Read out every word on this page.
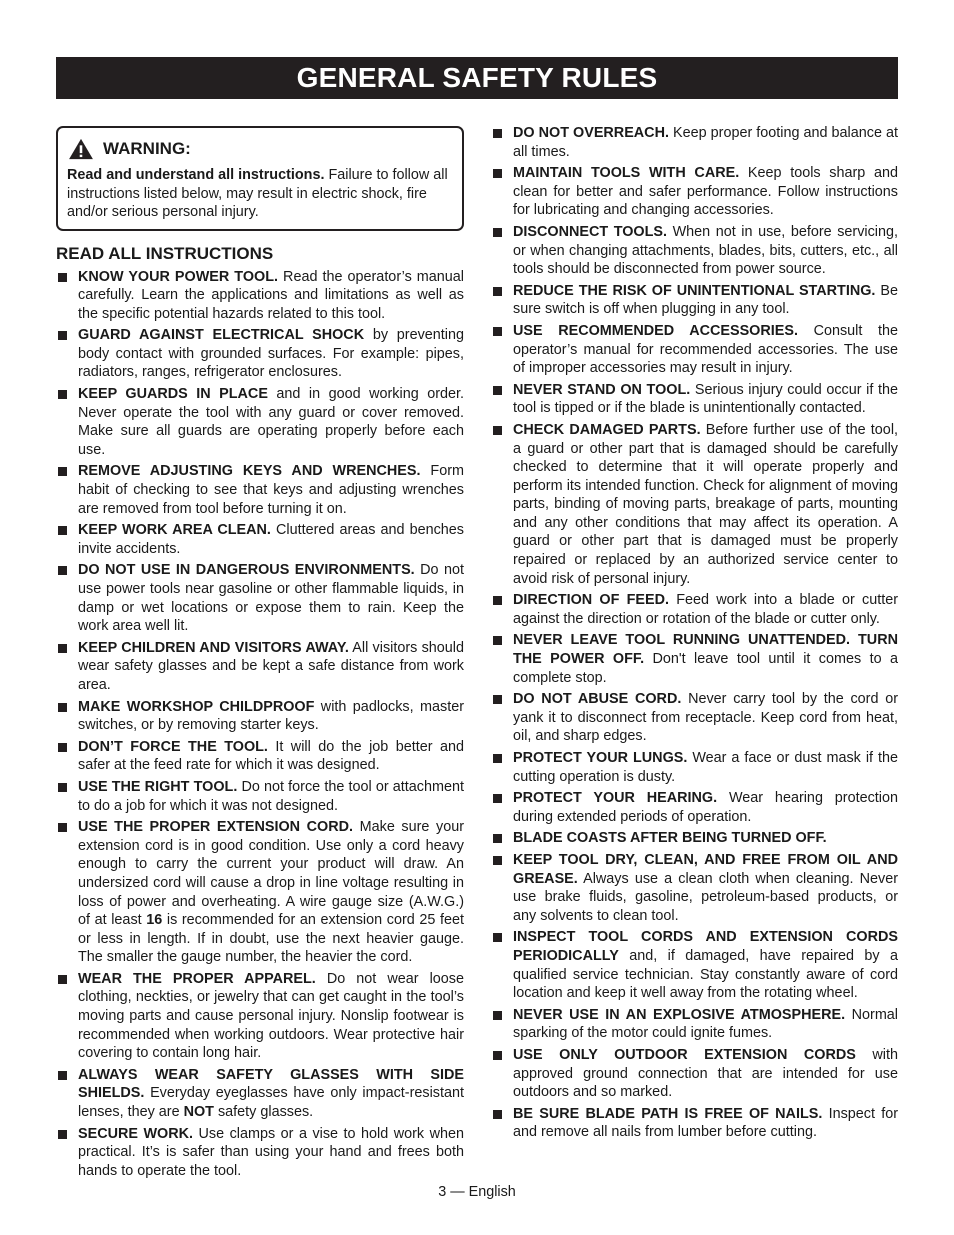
GENERAL SAFETY RULES
WARNING:
Read and understand all instructions. Failure to follow all instructions listed below, may result in electric shock, fire and/or serious personal injury.
READ ALL INSTRUCTIONS
KNOW YOUR POWER TOOL. Read the operator’s manual carefully. Learn the applications and limitations as well as the specific potential hazards related to this tool.
GUARD AGAINST ELECTRICAL SHOCK by preventing body contact with grounded surfaces. For example: pipes, radiators, ranges, refrigerator enclosures.
KEEP GUARDS IN PLACE and in good working order. Never operate the tool with any guard or cover removed. Make sure all guards are operating properly before each use.
REMOVE ADJUSTING KEYS AND WRENCHES. Form habit of checking to see that keys and adjusting wrenches are removed from tool before turning it on.
KEEP WORK AREA CLEAN. Cluttered areas and benches invite accidents.
DO NOT USE IN DANGEROUS ENVIRONMENTS. Do not use power tools near gasoline or other flammable liquids, in damp or wet locations or expose them to rain. Keep the work area well lit.
KEEP CHILDREN AND VISITORS AWAY. All visitors should wear safety glasses and be kept a safe distance from work area.
MAKE WORKSHOP CHILDPROOF with padlocks, master switches, or by removing starter keys.
DON’T FORCE THE TOOL. It will do the job better and safer at the feed rate for which it was designed.
USE THE RIGHT TOOL. Do not force the tool or attachment to do a job for which it was not designed.
USE THE PROPER EXTENSION CORD. Make sure your extension cord is in good condition. Use only a cord heavy enough to carry the current your product will draw. An undersized cord will cause a drop in line voltage resulting in loss of power and overheating. A wire gauge size (A.W.G.) of at least 16 is recommended for an extension cord 25 feet or less in length. If in doubt, use the next heavier gauge. The smaller the gauge number, the heavier the cord.
WEAR THE PROPER APPAREL. Do not wear loose clothing, neckties, or jewelry that can get caught in the tool’s moving parts and cause personal injury. Nonslip footwear is recommended when working outdoors. Wear protective hair covering to contain long hair.
ALWAYS WEAR SAFETY GLASSES WITH SIDE SHIELDS. Everyday eyeglasses have only impact-resistant lenses, they are NOT safety glasses.
SECURE WORK. Use clamps or a vise to hold work when practical. It’s is safer than using your hand and frees both hands to operate the tool.
DO NOT OVERREACH. Keep proper footing and balance at all times.
MAINTAIN TOOLS WITH CARE. Keep tools sharp and clean for better and safer performance. Follow instructions for lubricating and changing accessories.
DISCONNECT TOOLS. When not in use, before servicing, or when changing attachments, blades, bits, cutters, etc., all tools should be disconnected from power source.
REDUCE THE RISK OF UNINTENTIONAL STARTING. Be sure switch is off when plugging in any tool.
USE RECOMMENDED ACCESSORIES. Consult the operator’s manual for recommended accessories. The use of improper accessories may result in injury.
NEVER STAND ON TOOL. Serious injury could occur if the tool is tipped or if the blade is unintentionally contacted.
CHECK DAMAGED PARTS. Before further use of the tool, a guard or other part that is damaged should be carefully checked to determine that it will operate properly and perform its intended function. Check for alignment of moving parts, binding of moving parts, breakage of parts, mounting and any other conditions that may affect its operation. A guard or other part that is damaged must be properly repaired or replaced by an authorized service center to avoid risk of personal injury.
DIRECTION OF FEED. Feed work into a blade or cutter against the direction or rotation of the blade or cutter only.
NEVER LEAVE TOOL RUNNING UNATTENDED. TURN THE POWER OFF. Don't leave tool until it comes to a complete stop.
DO NOT ABUSE CORD. Never carry tool by the cord or yank it to disconnect from receptacle. Keep cord from heat, oil, and sharp edges.
PROTECT YOUR LUNGS. Wear a face or dust mask if the cutting operation is dusty.
PROTECT YOUR HEARING. Wear hearing protection during extended periods of operation.
BLADE COASTS AFTER BEING TURNED OFF.
KEEP TOOL DRY, CLEAN, AND FREE FROM OIL AND GREASE. Always use a clean cloth when cleaning. Never use brake fluids, gasoline, petroleum-based products, or any solvents to clean tool.
INSPECT TOOL CORDS AND EXTENSION CORDS PERIODICALLY and, if damaged, have repaired by a qualified service technician. Stay constantly aware of cord location and keep it well away from the rotating wheel.
NEVER USE IN AN EXPLOSIVE ATMOSPHERE. Normal sparking of the motor could ignite fumes.
USE ONLY OUTDOOR EXTENSION CORDS with approved ground connection that are intended for use outdoors and so marked.
BE SURE BLADE PATH IS FREE OF NAILS. Inspect for and remove all nails from lumber before cutting.
3 — English
